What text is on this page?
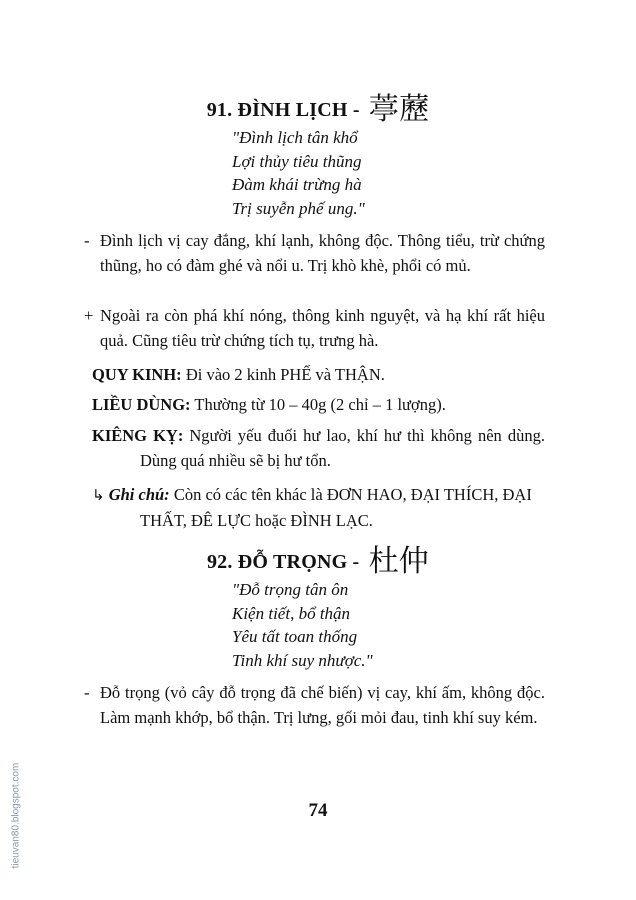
91. ĐÌNH LỊCH - 葶藶
"Đình lịch tân khổ
Lợi thủy tiêu thũng
Đàm khái trừng hà
Trị suyễn phế ung."
- Đình lịch vị cay đắng, khí lạnh, không độc. Thông tiểu, trừ chứng thũng, ho có đàm ghé và nổi u. Trị khò khè, phổi có mủ.
+ Ngoài ra còn phá khí nóng, thông kinh nguyệt, và hạ khí rất hiệu quả. Cũng tiêu trừ chứng tích tụ, trưng hà.
QUY KINH: Đi vào 2 kinh PHẾ và THẬN.
LIỀU DÙNG: Thường từ 10 – 40g (2 chỉ – 1 lượng).
KIÊNG KỴ: Người yếu đuối hư lao, khí hư thì không nên dùng. Dùng quá nhiều sẽ bị hư tổn.
↳ Ghi chú: Còn có các tên khác là ĐƠN HAO, ĐẠI THÍCH, ĐẠI THẤT, ĐÊ LỰC hoặc ĐÌNH LẠC.
92. ĐỖ TRỌNG - 杜仲
"Đỗ trọng tân ôn
Kiện tiết, bổ thận
Yêu tất toan thống
Tinh khí suy nhược."
- Đỗ trọng (vỏ cây đỗ trọng đã chế biến) vị cay, khí ấm, không độc. Làm mạnh khớp, bổ thận. Trị lưng, gối mỏi đau, tinh khí suy kém.
74
tieuvan80.blogspot.com
